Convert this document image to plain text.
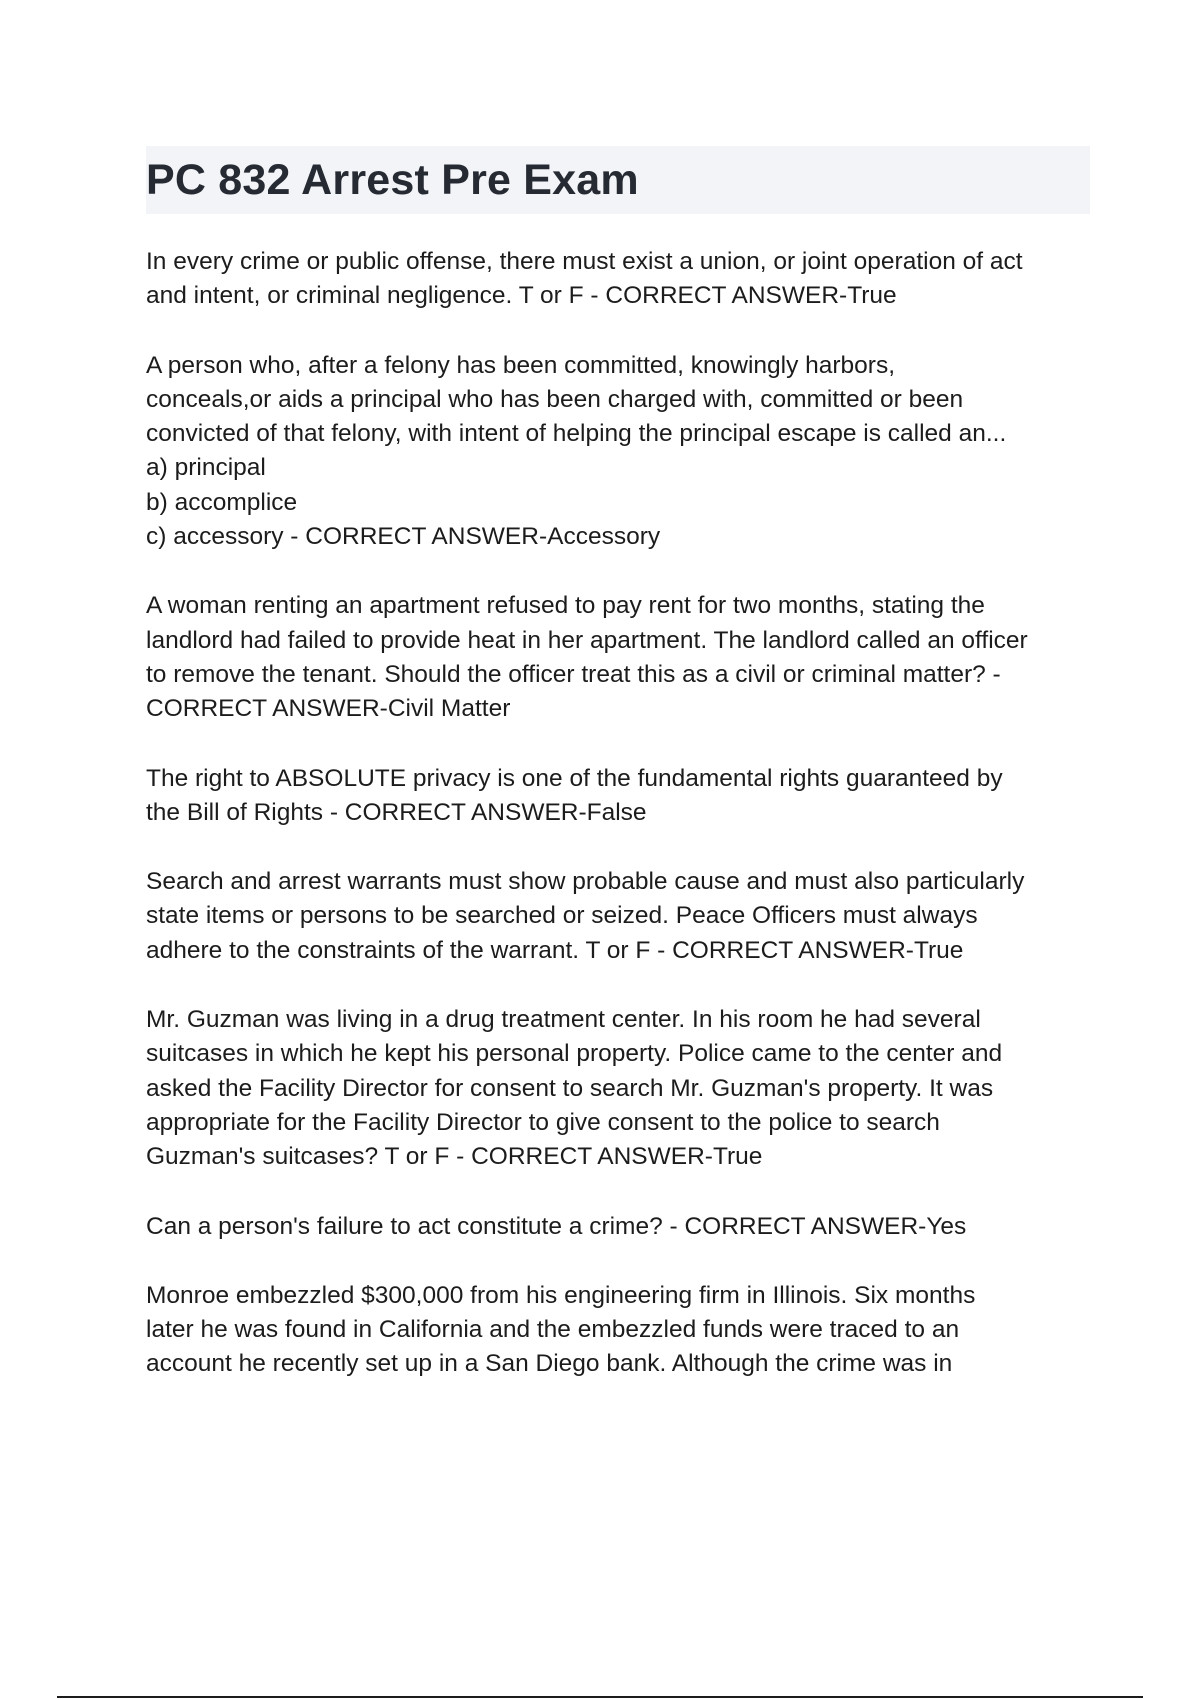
PC 832 Arrest Pre Exam

In every crime or public offense, there must exist a union, or joint operation of act
and intent, or criminal negligence. T or F - CORRECT ANSWER-True

A person who, after a felony has been committed, knowingly harbors,
conceals,or aids a principal who has been charged with, committed or been
convicted of that felony, with intent of helping the principal escape is called an...
a) principal
b) accomplice
c) accessory - CORRECT ANSWER-Accessory

A woman renting an apartment refused to pay rent for two months, stating the
landlord had failed to provide heat in her apartment. The landlord called an officer
to remove the tenant. Should the officer treat this as a civil or criminal matter? -
CORRECT ANSWER-Civil Matter

The right to ABSOLUTE privacy is one of the fundamental rights guaranteed by
the Bill of Rights - CORRECT ANSWER-False

Search and arrest warrants must show probable cause and must also particularly
state items or persons to be searched or seized. Peace Officers must always
adhere to the constraints of the warrant. T or F - CORRECT ANSWER-True

Mr. Guzman was living in a drug treatment center. In his room he had several
suitcases in which he kept his personal property. Police came to the center and
asked the Facility Director for consent to search Mr. Guzman's property. It was
appropriate for the Facility Director to give consent to the police to search
Guzman's suitcases? T or F - CORRECT ANSWER-True

Can a person's failure to act constitute a crime? - CORRECT ANSWER-Yes

Monroe embezzled $300,000 from his engineering firm in Illinois. Six months
later he was found in California and the embezzled funds were traced to an
account he recently set up in a San Diego bank. Although the crime was in
